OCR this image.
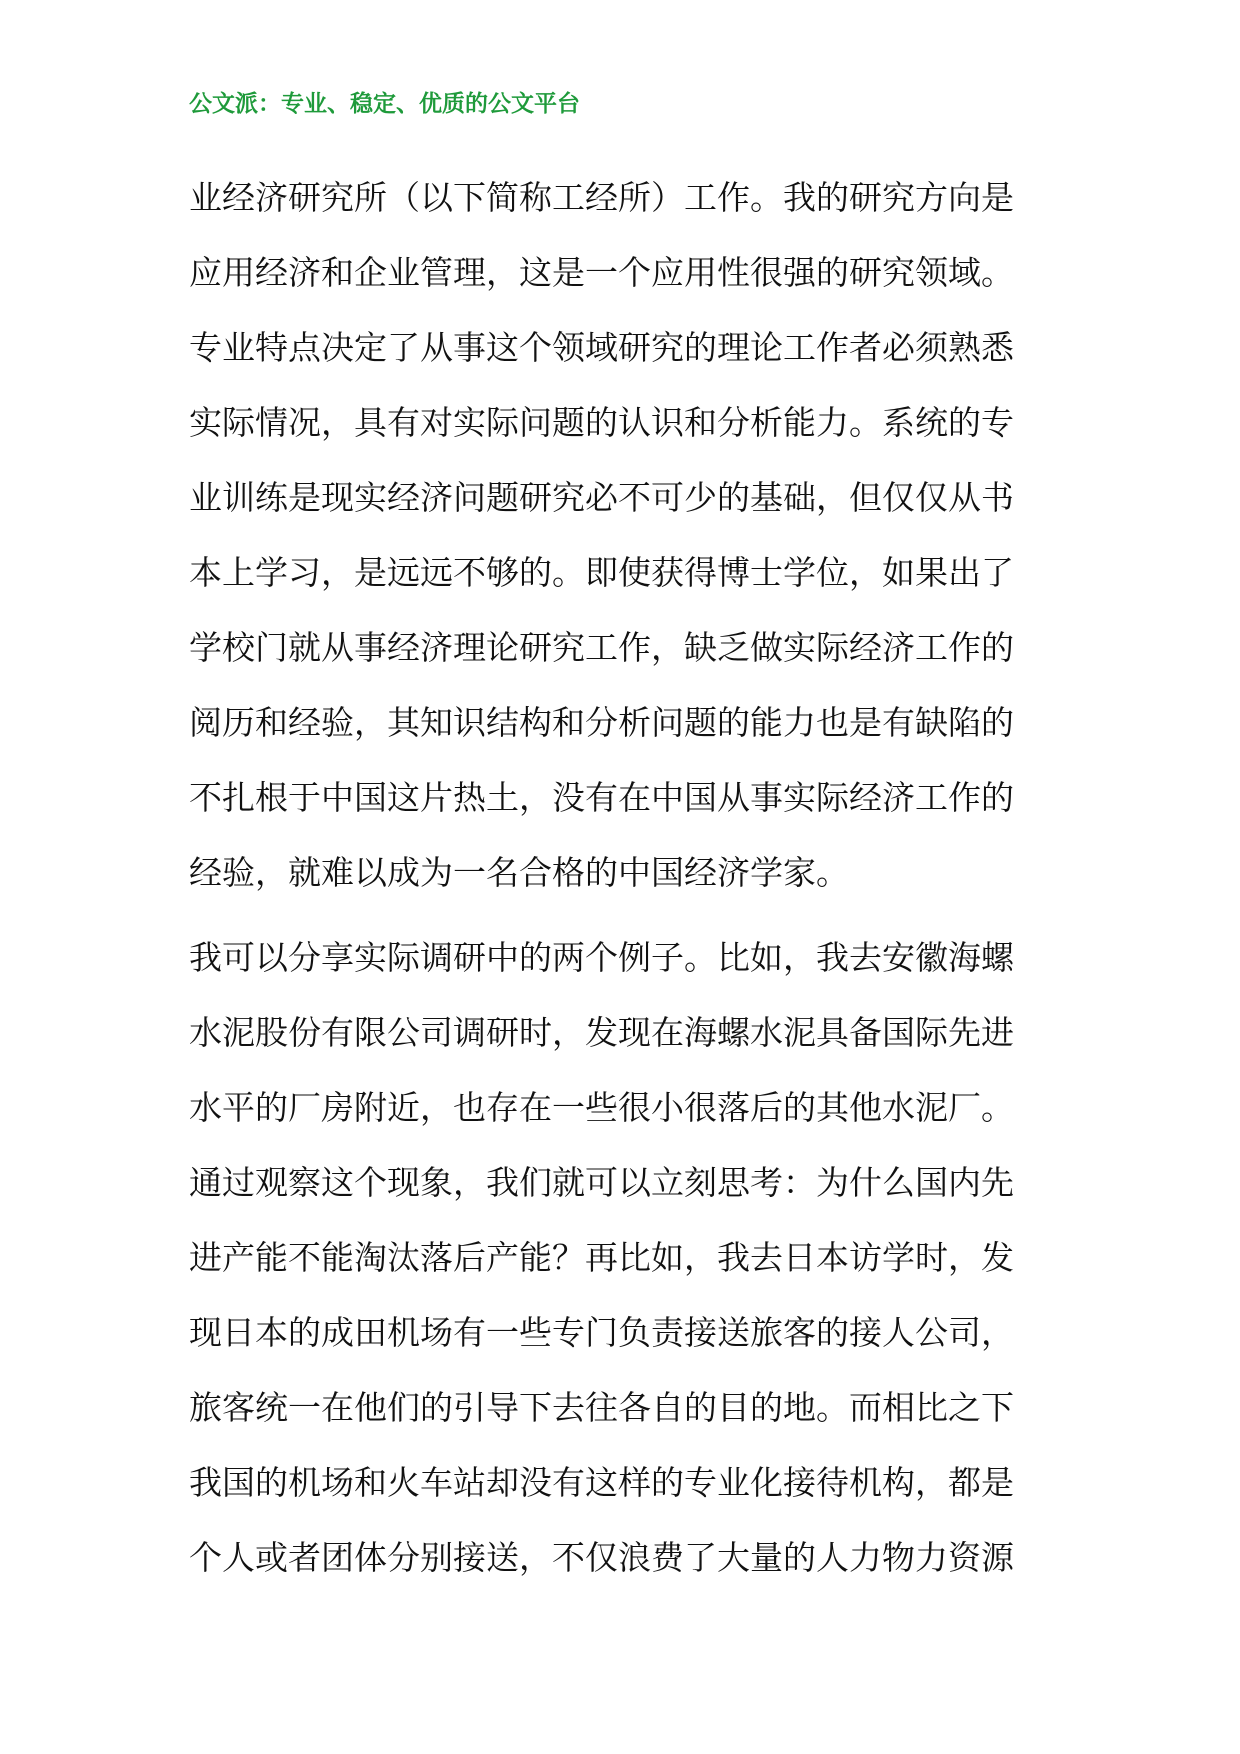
公文派：专业、稳定、优质的公文平台
业经济研究所（以下简称工经所）工作。我的研究方向是
应用经济和企业管理，这是一个应用性很强的研究领域。
专业特点决定了从事这个领域研究的理论工作者必须熟悉
实际情况，具有对实际问题的认识和分析能力。系统的专
业训练是现实经济问题研究必不可少的基础，但仅仅从书
本上学习，是远远不够的。即使获得博士学位，如果出了
学校门就从事经济理论研究工作，缺乏做实际经济工作的
阅历和经验，其知识结构和分析问题的能力也是有缺陷的
不扎根于中国这片热土，没有在中国从事实际经济工作的
经验，就难以成为一名合格的中国经济学家。
我可以分享实际调研中的两个例子。比如，我去安徽海螺
水泥股份有限公司调研时，发现在海螺水泥具备国际先进
水平的厂房附近，也存在一些很小很落后的其他水泥厂。
通过观察这个现象，我们就可以立刻思考：为什么国内先
进产能不能淘汰落后产能？再比如，我去日本访学时，发
现日本的成田机场有一些专门负责接送旅客的接人公司，
旅客统一在他们的引导下去往各自的目的地。而相比之下
我国的机场和火车站却没有这样的专业化接待机构，都是
个人或者团体分别接送，不仅浪费了大量的人力物力资源
